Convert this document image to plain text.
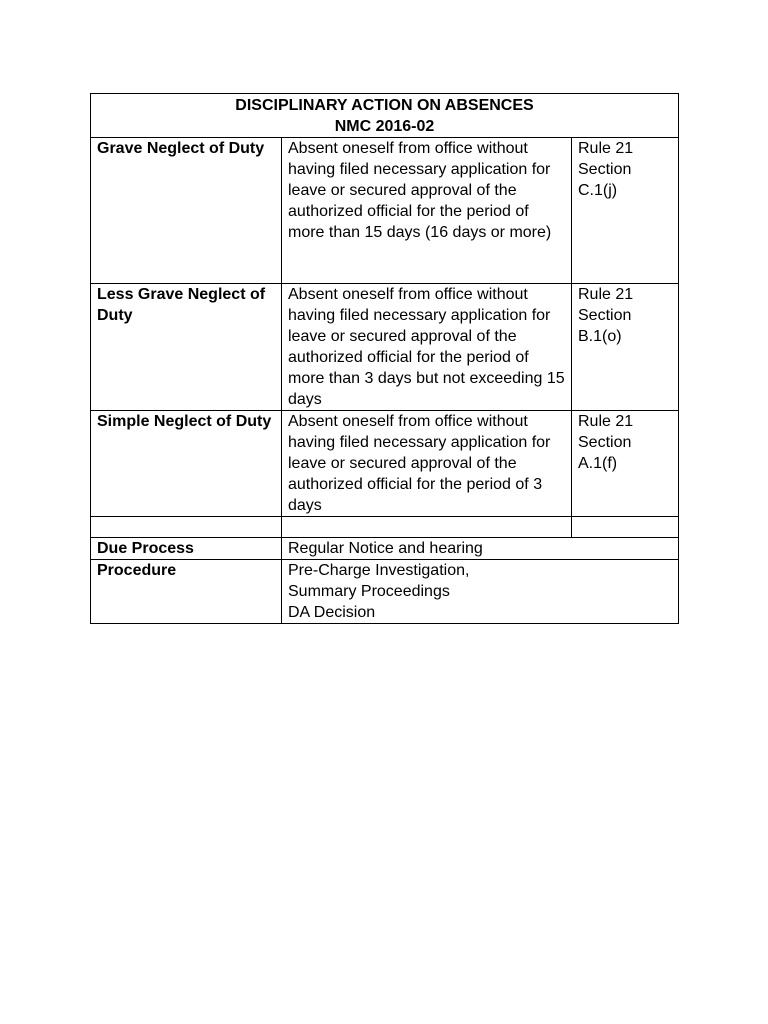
DISCIPLINARY ACTION ON ABSENCES
NMC 2016-02		

Grave Neglect of Duty	Absent oneself from office without having filed necessary application for leave or secured approval of the authorized official for the period of more than 15 days (16 days or more)	Rule 21
Section
C.1(j)

Less Grave Neglect of Duty	Absent oneself from office without having filed necessary application for leave or secured approval of the authorized official for the period of more than 3 days but not exceeding 15 days	Rule 21
Section
B.1(o)

Simple Neglect of Duty	Absent oneself from office without having filed necessary application for leave or secured approval of the authorized official for the period of 3 days	Rule 21
Section
A.1(f)

Due Process	Regular Notice and hearing	
Procedure	Pre-Charge Investigation,
Summary Proceedings
DA Decision	
